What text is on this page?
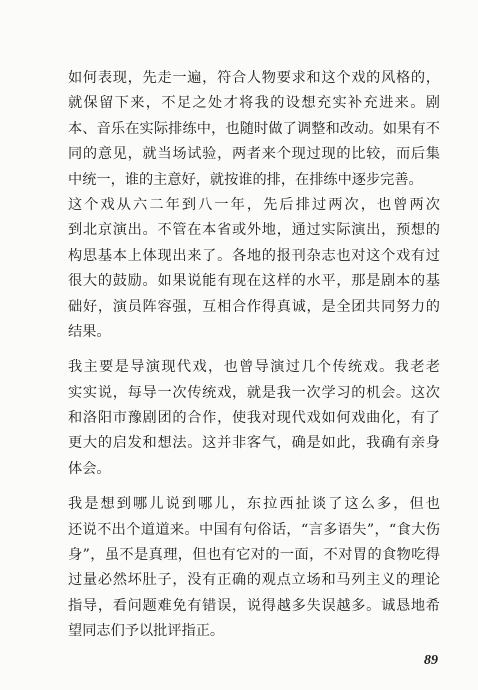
如何表现，先走一遍，符合人物要求和这个戏的风格的，
就保留下来，不足之处才将我的设想充实补充进来。剧
本、音乐在实际排练中，也随时做了调整和改动。如果有不
同的意见，就当场试验，两者来个现过现的比较，而后集
中统一，谁的主意好，就按谁的排，在排练中逐步完善。
这个戏从六二年到八一年，先后排过两次，也曾两次
到北京演出。不管在本省或外地，通过实际演出，预想的
构思基本上体现出来了。各地的报刊杂志也对这个戏有过
很大的鼓励。如果说能有现在这样的水平，那是剧本的基
础好，演员阵容强，互相合作得真诚，是全团共同努力的
结果。
我主要是导演现代戏，也曾导演过几个传统戏。我老老
实实说，每导一次传统戏，就是我一次学习的机会。这次
和洛阳市豫剧团的合作，使我对现代戏如何戏曲化，有了
更大的启发和想法。这并非客气，确是如此，我确有亲身
体会。
我是想到哪儿说到哪儿，东拉西扯谈了这么多，但也
还说不出个道道来。中国有句俗话，“言多语失”，“食大伤
身”，虽不是真理，但也有它对的一面，不对胃的食物吃得
过量必然坏肚子，没有正确的观点立场和马列主义的理论
指导，看问题难免有错误，说得越多失误越多。诚恳地希
望同志们予以批评指正。
89
